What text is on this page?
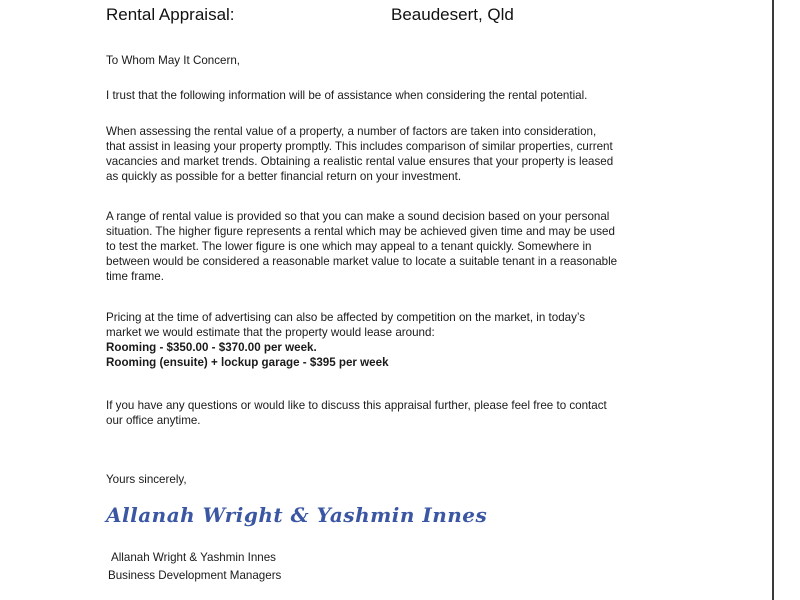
Rental Appraisal:	Beaudesert, Qld

To Whom May It Concern,

I trust that the following information will be of assistance when considering the rental potential.

When assessing the rental value of a property, a number of factors are taken into consideration,
that assist in leasing your property promptly. This includes comparison of similar properties, current
vacancies and market trends. Obtaining a realistic rental value ensures that your property is leased
as quickly as possible for a better financial return on your investment.

A range of rental value is provided so that you can make a sound decision based on your personal
situation. The higher figure represents a rental which may be achieved given time and may be used
to test the market. The lower figure is one which may appeal to a tenant quickly. Somewhere in
between would be considered a reasonable market value to locate a suitable tenant in a reasonable
time frame.

Pricing at the time of advertising can also be affected by competition on the market, in today’s
market we would estimate that the property would lease around:

Rooming - $350.00 - $370.00 per week.

Rooming (ensuite) + lockup garage - $395 per week

If you have any questions or would like to discuss this appraisal further, please feel free to contact
our office anytime.

Yours sincerely,

Allanah Wright & Yashmin Innes
Allanah Wright & Yashmin Innes
Business Development Managers
